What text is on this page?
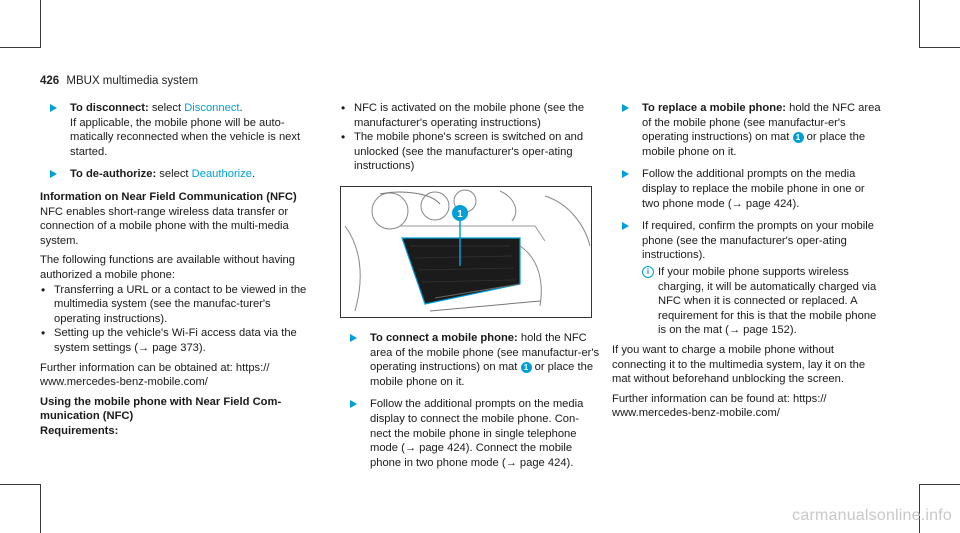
426 MBUX multimedia system
To disconnect: select Disconnect.
If applicable, the mobile phone will be auto-matically reconnected when the vehicle is next started.
To de-authorize: select Deauthorize.
Information on Near Field Communication (NFC)

NFC enables short-range wireless data transfer or connection of a mobile phone with the multi-media system.

The following functions are available without having authorized a mobile phone:
• Transferring a URL or a contact to be viewed in the multimedia system (see the manufac-turer's operating instructions).
• Setting up the vehicle's Wi-Fi access data via the system settings (→ page 373).

Further information can be obtained at: https:// www.mercedes-benz-mobile.com/

Using the mobile phone with Near Field Com-munication (NFC)
Requirements:
• NFC is activated on the mobile phone (see the manufacturer's operating instructions)
• The mobile phone's screen is switched on and unlocked (see the manufacturer's oper-ating instructions)
1
To connect a mobile phone: hold the NFC area of the mobile phone (see manufactur-er's operating instructions) on mat 1 or place the mobile phone on it.
Follow the additional prompts on the media display to connect the mobile phone. Con-nect the mobile phone in single telephone mode (→ page 424). Connect the mobile phone in two phone mode (→ page 424).
To replace a mobile phone: hold the NFC area of the mobile phone (see manufactur-er's operating instructions) on mat 1 or place the mobile phone on it.
Follow the additional prompts on the media display to replace the mobile phone in one or two phone mode (→ page 424).
If required, confirm the prompts on your mobile phone (see the manufacturer's oper-ating instructions).
i If your mobile phone supports wireless charging, it will be automatically charged via NFC when it is connected or replaced. A requirement for this is that the mobile phone is on the mat (→ page 152).

If you want to charge a mobile phone without connecting it to the multimedia system, lay it on the mat without beforehand unblocking the screen.

Further information can be found at: https:// www.mercedes-benz-mobile.com/

carmanualsonline.info
